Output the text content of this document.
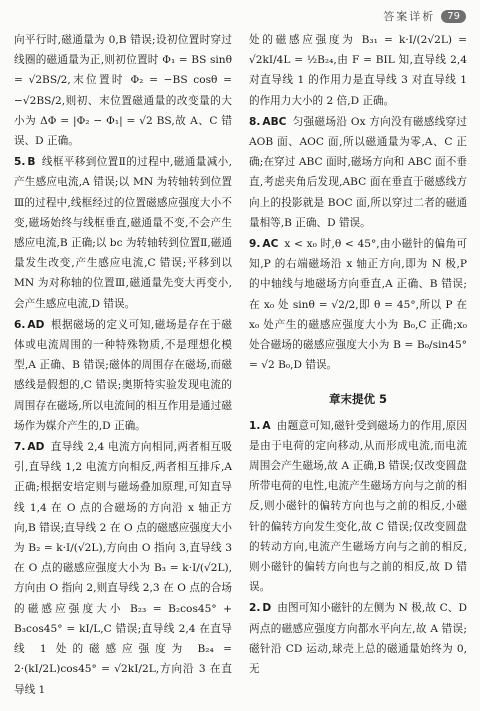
答案详析	79

向平行时,磁通量为 0,B 错误;设初位置时穿过线圈的磁通量为正,则初位置时 Φ₁ = BS sinθ = √2BS/2,末位置时 Φ₂ = −BS cosθ = −√2BS/2,则初、末位置磁通量的改变量的大小为 ΔΦ = |Φ₂ − Φ₁| = √2 BS,故 A、C 错误、D 正确。

5. B 线框平移到位置Ⅱ的过程中,磁通量减小,产生感应电流,A 错误;以 MN 为转轴转到位置Ⅲ的过程中,线框经过的位置磁感应强度大小不变,磁场始终与线框垂直,磁通量不变,不会产生感应电流,B 正确;以 bc 为转轴转到位置Ⅱ,磁通量发生改变,产生感应电流,C 错误;平移到以 MN 为对称轴的位置Ⅲ,磁通量先变大再变小,会产生感应电流,D 错误。

6. AD 根据磁场的定义可知,磁场是存在于磁体或电流周围的一种特殊物质,不是理想化模型,A 正确、B 错误;磁体的周围存在磁场,而磁感线是假想的,C 错误;奥斯特实验发现电流的周围存在磁场,所以电流间的相互作用是通过磁场作为媒介产生的,D 正确。

7. AD 直导线 2,4 电流方向相同,两者相互吸引,直导线 1,2 电流方向相反,两者相互排斥,A 正确;根据安培定则与磁场叠加原理,可知直导线 1,4 在 O 点的合磁场的方向沿 x 轴正方向,B 错误;直导线 2 在 O 点的磁感应强度大小为 B₂ = k·I/(√2L),方向由 O 指向 3,直导线 3 在 O 点的磁感应强度大小为 B₃ = k·I/(√2L),方向由 O 指向 2,则直导线 2,3 在 O 点的合场的磁感应强度大小 B₂₃ = B₂cos45° + B₃cos45° = kI/L,C 错误;直导线 2,4 在直导线 1 处的磁感应强度为 B₂₄ = 2·(kI/2L)cos45° = √2kI/2L,方向沿 3 在直导线 1

处的磁感应强度为 B₃₁ = k·I/(2√2L) = √2kI/4L = ½B₂₄,由 F = BIL 知,直导线 2,4 对直导线 1 的作用力是直导线 3 对直导线 1 的作用力大小的 2 倍,D 正确。

8. ABC 匀强磁场沿 Ox 方向没有磁感线穿过 AOB 面、AOC 面,所以磁通量为零,A、C 正确;在穿过 ABC 面时,磁场方向和 ABC 面不垂直,考虑夹角后发现,ABC 面在垂直于磁感线方向上的投影就是 BOC 面,所以穿过二者的磁通量相等,B 正确、D 错误。

9. AC x < x₀ 时,θ < 45°,由小磁针的偏角可知,P 的右端磁场沿 x 轴正方向,即为 N 极,P 的中轴线与地磁场方向垂直,A 正确、B 错误;在 x₀ 处 sinθ = √2/2,即 θ = 45°,所以 P 在 x₀ 处产生的磁感应强度大小为 B₀,C 正确;x₀ 处合磁场的磁感应强度大小为 B = B₀/sin45° = √2 B₀,D 错误。

章末提优 5

1. A 由题意可知,磁针受到磁场力的作用,原因是由于电荷的定向移动,从而形成电流,而电流周围会产生磁场,故 A 正确,B 错误;仅改变圆盘所带电荷的电性,电流产生磁场方向与之前的相反,则小磁针的偏转方向也与之前的相反,小磁针的偏转方向发生变化,故 C 错误;仅改变圆盘的转动方向,电流产生磁场方向与之前的相反,则小磁针的偏转方向也与之前的相反,故 D 错误。

2. D 由图可知小磁针的左侧为 N 极,故 C、D 两点的磁感应强度方向都水平向左,故 A 错误;磁针沿 CD 运动,球壳上总的磁通量始终为 0,无
